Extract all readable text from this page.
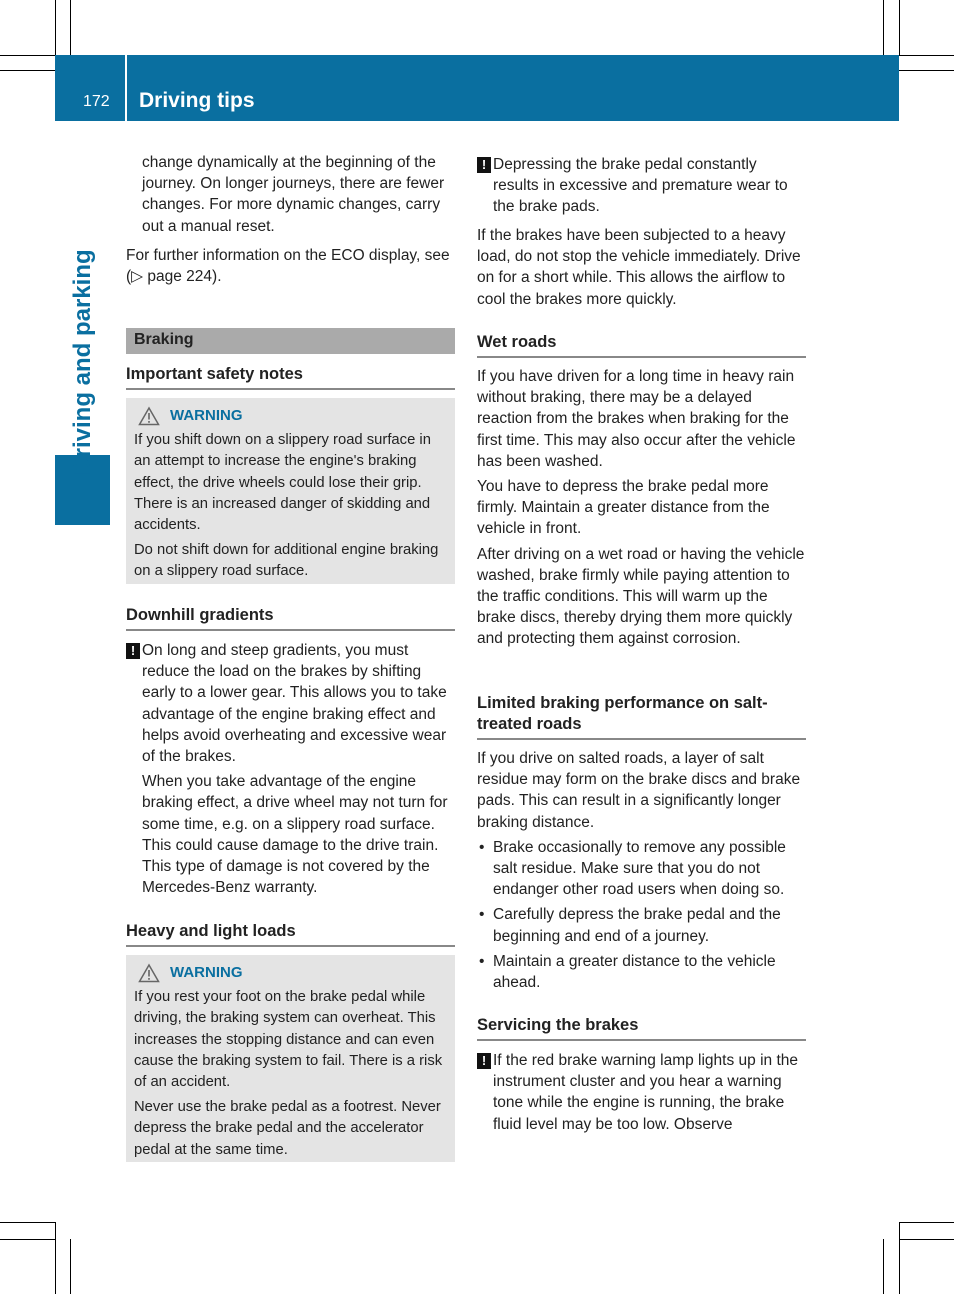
172 Driving tips
Driving and parking

change dynamically at the beginning of the journey. On longer journeys, there are fewer changes. For more dynamic changes, carry out a manual reset.

For further information on the ECO display, see (▷ page 224).

Braking
Important safety notes
WARNING

If you shift down on a slippery road surface in an attempt to increase the engine's braking effect, the drive wheels could lose their grip. There is an increased danger of skidding and accidents.

Do not shift down for additional engine braking on a slippery road surface.

Downhill gradients
! On long and steep gradients, you must reduce the load on the brakes by shifting early to a lower gear. This allows you to take advantage of the engine braking effect and helps avoid overheating and excessive wear of the brakes.

When you take advantage of the engine braking effect, a drive wheel may not turn for some time, e.g. on a slippery road surface. This could cause damage to the drive train. This type of damage is not covered by the Mercedes-Benz warranty.

Heavy and light loads
WARNING

If you rest your foot on the brake pedal while driving, the braking system can overheat. This increases the stopping distance and can even cause the braking system to fail. There is a risk of an accident.

Never use the brake pedal as a footrest. Never depress the brake pedal and the accelerator pedal at the same time.

! Depressing the brake pedal constantly results in excessive and premature wear to the brake pads.

If the brakes have been subjected to a heavy load, do not stop the vehicle immediately. Drive on for a short while. This allows the airflow to cool the brakes more quickly.

Wet roads

If you have driven for a long time in heavy rain without braking, there may be a delayed reaction from the brakes when braking for the first time. This may also occur after the vehicle has been washed.

You have to depress the brake pedal more firmly. Maintain a greater distance from the vehicle in front.

After driving on a wet road or having the vehicle washed, brake firmly while paying attention to the traffic conditions. This will warm up the brake discs, thereby drying them more quickly and protecting them against corrosion.

Limited braking performance on salt-treated roads

If you drive on salted roads, a layer of salt residue may form on the brake discs and brake pads. This can result in a significantly longer braking distance.

• Brake occasionally to remove any possible salt residue. Make sure that you do not endanger other road users when doing so.
• Carefully depress the brake pedal and the beginning and end of a journey.
• Maintain a greater distance to the vehicle ahead.
Servicing the brakes
! If the red brake warning lamp lights up in the instrument cluster and you hear a warning tone while the engine is running, the brake fluid level may be too low. Observe
